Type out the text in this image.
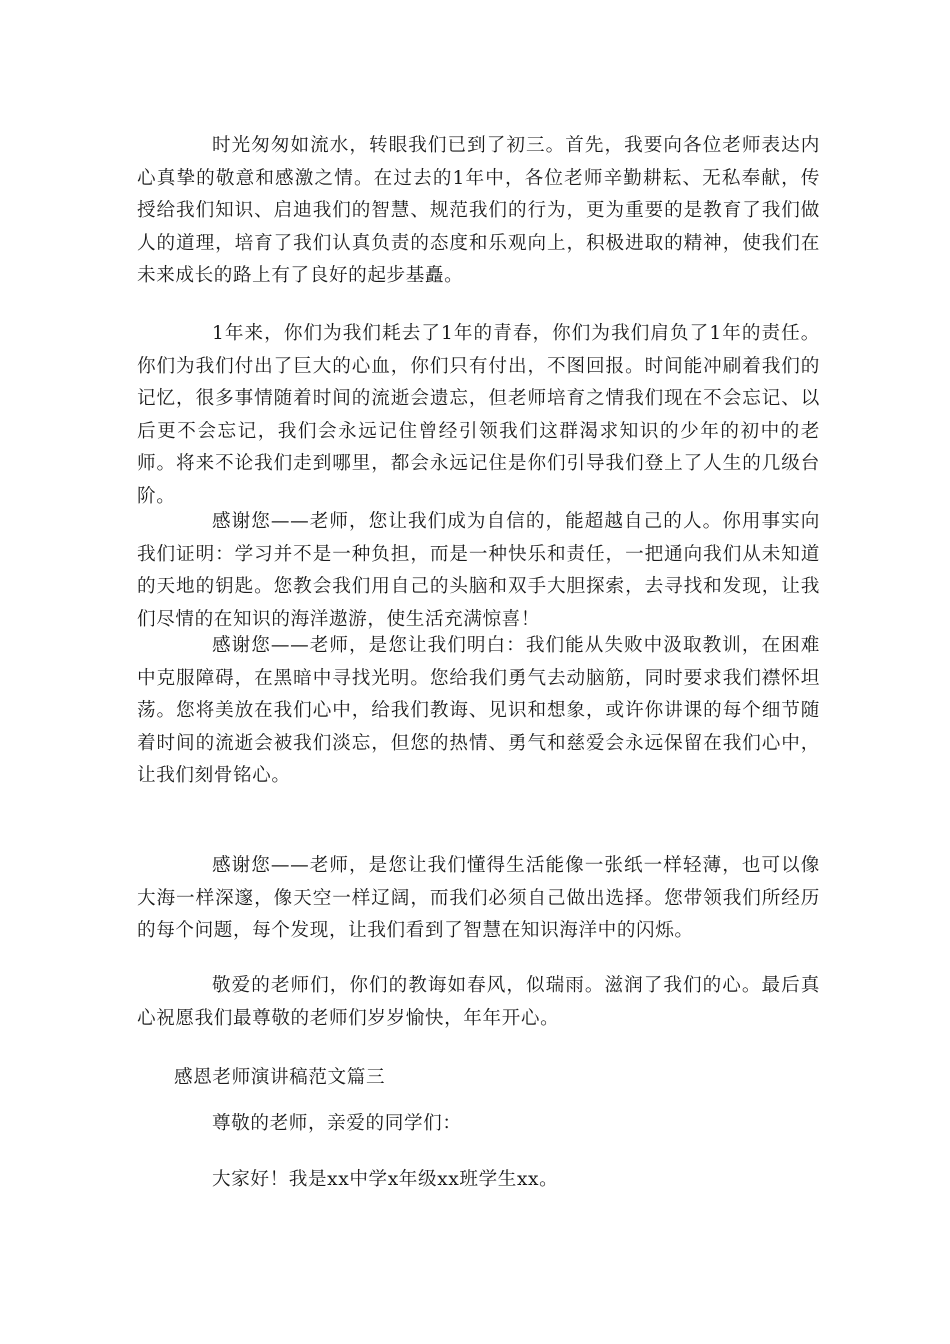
时光匆匆如流水，转眼我们已到了初三。首先，我要向各位老师表达内心真挚的敬意和感激之情。在过去的1年中，各位老师辛勤耕耘、无私奉献，传授给我们知识、启迪我们的智慧、规范我们的行为，更为重要的是教育了我们做人的道理，培育了我们认真负责的态度和乐观向上，积极进取的精神，使我们在未来成长的路上有了良好的起步基矗。

1年来，你们为我们耗去了1年的青春，你们为我们肩负了1年的责任。你们为我们付出了巨大的心血，你们只有付出，不图回报。时间能冲刷着我们的记忆，很多事情随着时间的流逝会遗忘，但老师培育之情我们现在不会忘记、以后更不会忘记，我们会永远记住曾经引领我们这群渴求知识的少年的初中的老师。将来不论我们走到哪里，都会永远记住是你们引导我们登上了人生的几级台阶。

感谢您——老师，您让我们成为自信的，能超越自己的人。你用事实向我们证明：学习并不是一种负担，而是一种快乐和责任，一把通向我们从未知道的天地的钥匙。您教会我们用自己的头脑和双手大胆探索，去寻找和发现，让我们尽情的在知识的海洋遨游，使生活充满惊喜！

感谢您——老师，是您让我们明白：我们能从失败中汲取教训，在困难中克服障碍，在黑暗中寻找光明。您给我们勇气去动脑筋，同时要求我们襟怀坦荡。您将美放在我们心中，给我们教诲、见识和想象，或许你讲课的每个细节随着时间的流逝会被我们淡忘，但您的热情、勇气和慈爱会永远保留在我们心中，让我们刻骨铭心。

感谢您——老师，是您让我们懂得生活能像一张纸一样轻薄，也可以像大海一样深邃，像天空一样辽阔，而我们必须自己做出选择。您带领我们所经历的每个问题，每个发现，让我们看到了智慧在知识海洋中的闪烁。

敬爱的老师们，你们的教诲如春风，似瑞雨。滋润了我们的心。最后真心祝愿我们最尊敬的老师们岁岁愉快，年年开心。

感恩老师演讲稿范文篇三

尊敬的老师，亲爱的同学们：

大家好！我是xx中学x年级xx班学生xx。
